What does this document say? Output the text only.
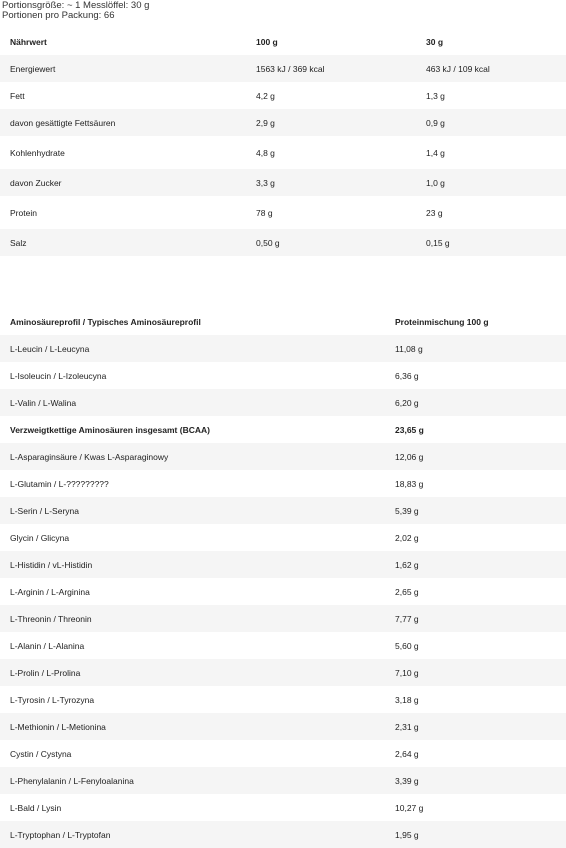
Portionsgröße: ~ 1 Messlöffel: 30 g
Portionen pro Packung: 66
Nährwert	100 g	30 g
Energiewert	1563 kJ / 369 kcal	463 kJ / 109 kcal
Fett	4,2 g	1,3 g
davon gesättigte Fettsäuren	2,9 g	0,9 g
Kohlenhydrate	4,8 g	1,4 g
davon Zucker	3,3 g	1,0 g
Protein	78 g	23 g
Salz	0,50 g	0,15 g
Aminosäureprofil / Typisches Aminosäureprofil	Proteinmischung 100 g
L-Leucin / L-Leucyna	11,08 g
L-Isoleucin / L-Izoleucyna	6,36 g
L-Valin / L-Walina	6,20 g
Verzweigtkettige Aminosäuren insgesamt (BCAA)	23,65 g
L-Asparaginsäure / Kwas L-Asparaginowy	12,06 g
L-Glutamin / L-?????????	18,83 g
L-Serin / L-Seryna	5,39 g
Glycin / Glicyna	2,02 g
L-Histidin / vL-Histidin	1,62 g
L-Arginin / L-Arginina	2,65 g
L-Threonin / Threonin	7,77 g
L-Alanin / L-Alanina	5,60 g
L-Prolin / L-Prolina	7,10 g
L-Tyrosin / L-Tyrozyna	3,18 g
L-Methionin / L-Metionina	2,31 g
Cystin / Cystyna	2,64 g
L-Phenylalanin / L-Fenyloalanina	3,39 g
L-Bald / Lysin	10,27 g
L-Tryptophan / L-Tryptofan	1,95 g
